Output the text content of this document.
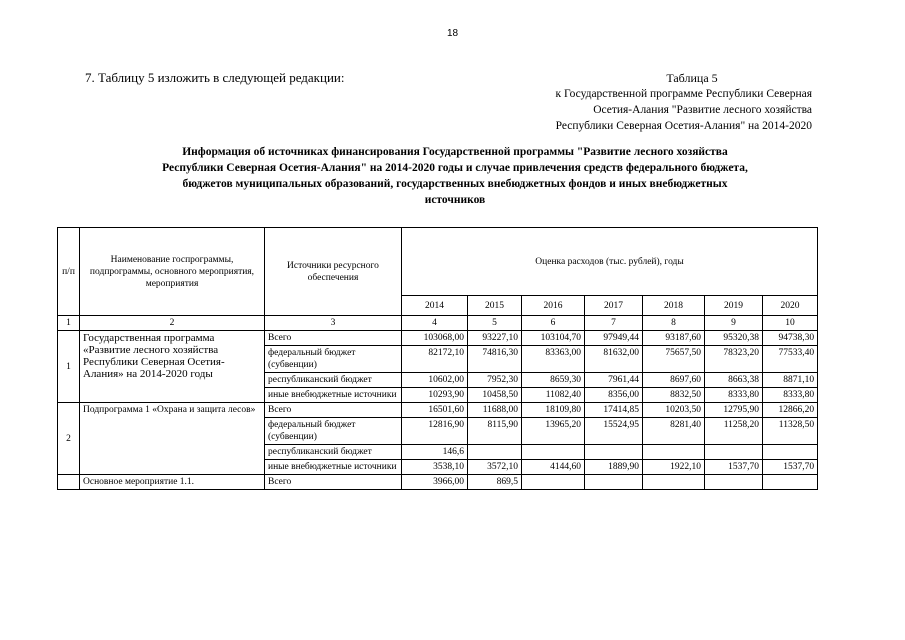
18
7. Таблицу 5 изложить в следующей редакции:	Таблица 5
к Государственной программе Республики Северная
Осетия-Алания "Развитие лесного хозяйства
Республики Северная Осетия-Алания" на 2014-2020
Информация об источниках финансирования Государственной программы "Развитие лесного хозяйства
Республики Северная Осетия-Алания" на 2014-2020 годы и случае привлечения средств федерального бюджета,
бюджетов муниципальных образований, государственных внебюджетных фондов и иных внебюджетных
источников
п/п	Наименование госпрограммы, подпрограммы, основного мероприятия, мероприятия	Источники ресурсного обеспечения	Оценка расходов (тыс. рублей), годы						
			2014	2015	2016	2017	2018	2019	2020
1	2	3	4	5	6	7	8	9	10
1	Государственная программа «Развитие лесного хозяйства Республики Северная Осетия-Алания» на 2014-2020 годы	Всего	103068,00	93227,10	103104,70	97949,44	93187,60	95320,38	94738,30
		федеральный бюджет (субвенции)	82172,10	74816,30	83363,00	81632,00	75657,50	78323,20	77533,40
		республиканский бюджет	10602,00	7952,30	8659,30	7961,44	8697,60	8663,38	8871,10
		иные внебюджетные источники	10293,90	10458,50	11082,40	8356,00	8832,50	8333,80	8333,80
2	Подпрограмма 1 «Охрана и защита лесов»	Всего	16501,60	11688,00	18109,80	17414,85	10203,50	12795,90	12866,20
		федеральный бюджет (субвенции)	12816,90	8115,90	13965,20	15524,95	8281,40	11258,20	11328,50
		республиканский бюджет	146,6						
		иные внебюджетные источники	3538,10	3572,10	4144,60	1889,90	1922,10	1537,70	1537,70
	Основное мероприятие 1.1.	Всего	3966,00	869,5					
